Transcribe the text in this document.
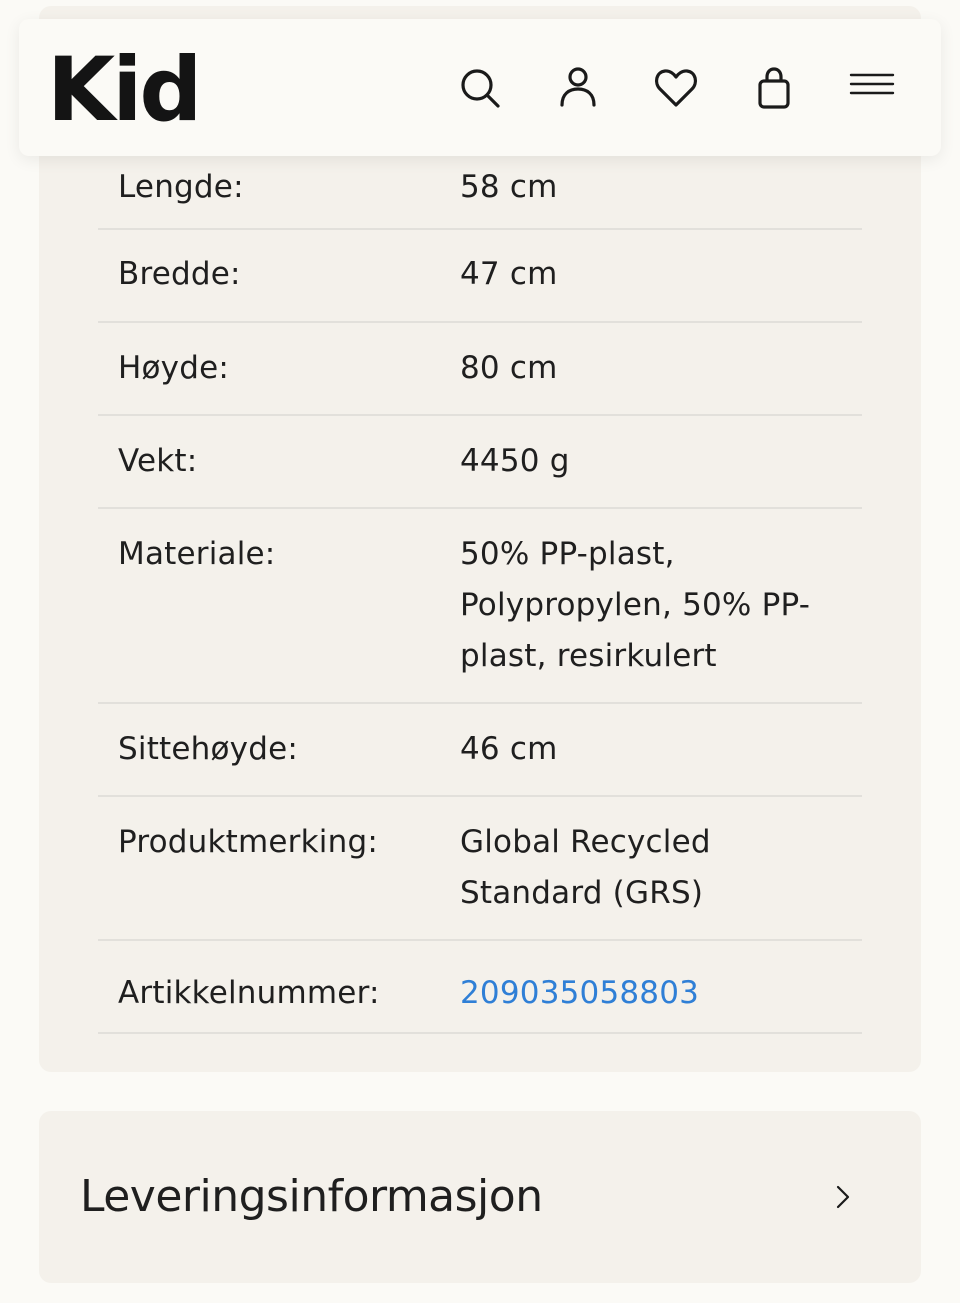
Lengde:	58 cm
Bredde:	47 cm
Høyde:	80 cm
Vekt:	4450 g
Materiale:	50% PP-plast, Polypropylen, 50% PP-plast, resirkulert
Sittehøyde:	46 cm
Produktmerking:	Global Recycled Standard (GRS)
Artikkelnummer:	209035058803
Kid
Leveringsinformasjon
